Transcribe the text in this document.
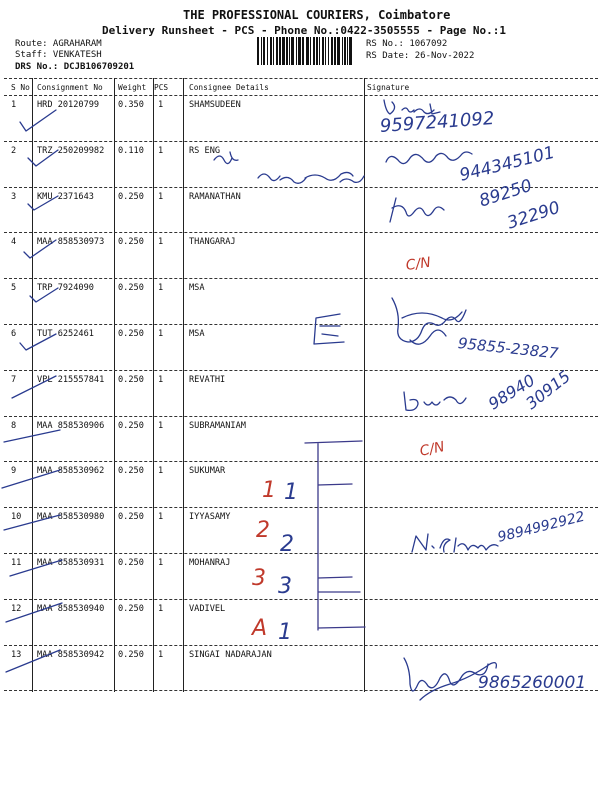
THE PROFESSIONAL COURIERS, Coimbatore
Delivery Runsheet - PCS - Phone No.:0422-3505555 - Page No.:1
Route: AGRAHARAM
Staff: VENKATESH
DRS No.: DCJB106709201
RS No.: 1067092
RS Date: 26-Nov-2022
S No Consignment No Weight PCS	Consignee Details	Signature
1 HRD 20120799 0.350 1	SHAMSUDEEN
2 TRZ 250209982 0.110 1	RS ENG
3 KMU 2371643	0.250 1	RAMANATHAN
4 MAA 858530973 0.250 1	THANGARAJ
5 TRP 7924090	0.250 1	MSA
6 TUT 6252461	0.250 1	MSA
7 VPL 215557841 0.250 1	REVATHI
8 MAA 858530906 0.250 1	SUBRAMANIAM
9 MAA 858530962 0.250 1	SUKUMAR
10 MAA 858530980 0.250 1	IYYASAMY
11 MAA 858530931 0.250 1	MOHANRAJ
12 MAA 858530940 0.250 1	VADIVEL
13 MAA 858530942 0.250 1	SINGAI NADARAJAN
9597241092
944345101
89250
32290
95855-23827
98940
30915
9894992922
9865260001
C/N
C/N
1 1
2
2
3 3
A 1
